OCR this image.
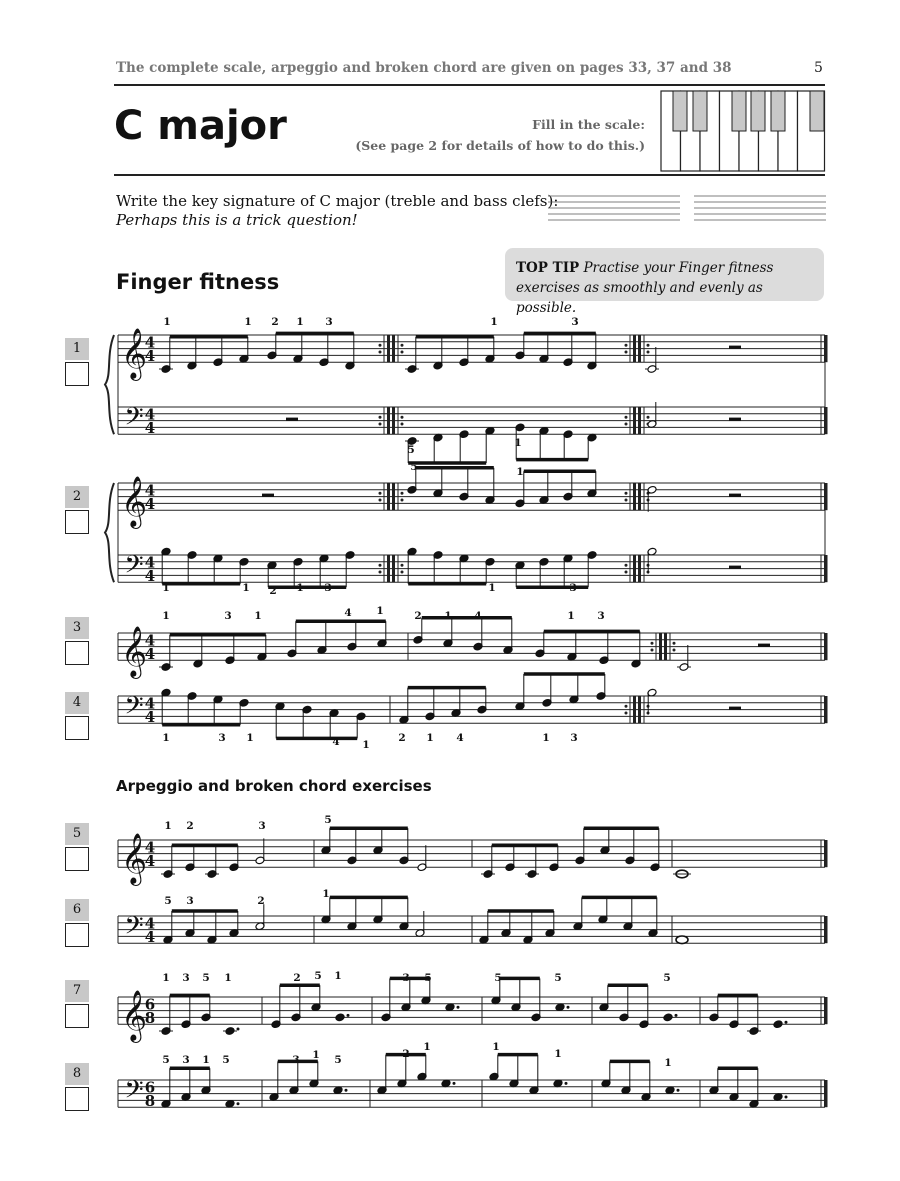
The complete scale, arpeggio and broken chord are given on pages 33, 37 and 38	5
C major	Fill in the scale:
(See page 2 for details of how to do this.)
Write the key signature of C major (treble and bass clefs):
Perhaps this is a trick question!
Finger fitness
TOP TIP Practise your Finger fitness exercises as smoothly and evenly as possible.
Arpeggio and broken chord exercises
1
2
3
4
5
6
7
8
𝄞
𝄢
4
4
4
4
1	1 2 1 3	1	3
5
1
𝄞
𝄢
4
4
4
4
5	1
1	1 2 1 3	1	3
𝄞
4
4
1	3 1	4 1	2 1 4	1 3
𝄢 4
4
1	3 1	4 1
2 1 4	1 3
𝄞
4
4
1 2	3	5
𝄢 4
4
5 3	2
1
𝄞
6
8
1 3 5 1	2 5 1	3 5	5	5	5
𝄢 6
8
5 3 1 5	3 1 5	2
1	1
1
1
